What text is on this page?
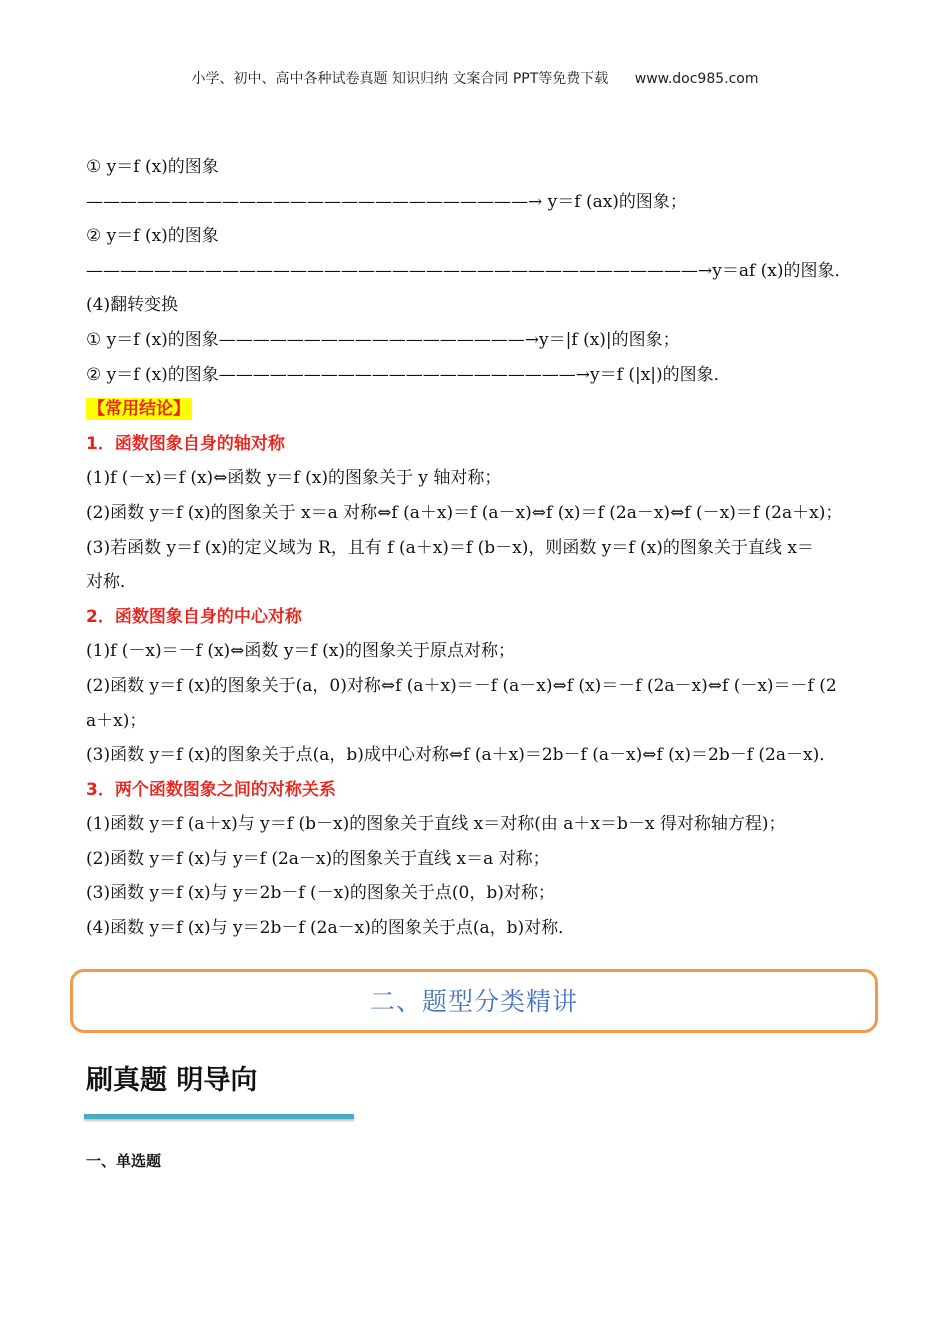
小学、初中、高中各种试卷真题 知识归纳 文案合同 PPT等免费下载 www.doc985.com
① y＝f (x)的图象
——————————————————————————→ y＝f (ax)的图象；
② y＝f (x)的图象
————————————————————————————————————→y＝af (x)的图象．
(4)翻转变换
① y＝f (x)的图象——————————————————→y＝|f (x)|的图象；
② y＝f (x)的图象—————————————————————→y＝f (|x|)的图象．
【常用结论】
1．函数图象自身的轴对称
(1)f (－x)＝f (x)⇔函数 y＝f (x)的图象关于 y 轴对称；
(2)函数 y＝f (x)的图象关于 x＝a 对称⇔f (a＋x)＝f (a－x)⇔f (x)＝f (2a－x)⇔f (－x)＝f (2a＋x)；
(3)若函数 y＝f (x)的定义域为 R，且有 f (a＋x)＝f (b－x)，则函数 y＝f (x)的图象关于直线 x＝
对称．
2．函数图象自身的中心对称
(1)f (－x)＝－f (x)⇔函数 y＝f (x)的图象关于原点对称；
(2)函数 y＝f (x)的图象关于(a，0)对称⇔f (a＋x)＝－f (a－x)⇔f (x)＝－f (2a－x)⇔f (－x)＝－f (2
a＋x)；
(3)函数 y＝f (x)的图象关于点(a，b)成中心对称⇔f (a＋x)＝2b－f (a－x)⇔f (x)＝2b－f (2a－x)．
3．两个函数图象之间的对称关系
(1)函数 y＝f (a＋x)与 y＝f (b－x)的图象关于直线 x＝对称(由 a＋x＝b－x 得对称轴方程)；
(2)函数 y＝f (x)与 y＝f (2a－x)的图象关于直线 x＝a 对称；
(3)函数 y＝f (x)与 y＝2b－f (－x)的图象关于点(0，b)对称；
(4)函数 y＝f (x)与 y＝2b－f (2a－x)的图象关于点(a，b)对称．
二、题型分类精讲
刷真题 明导向
一、单选题
